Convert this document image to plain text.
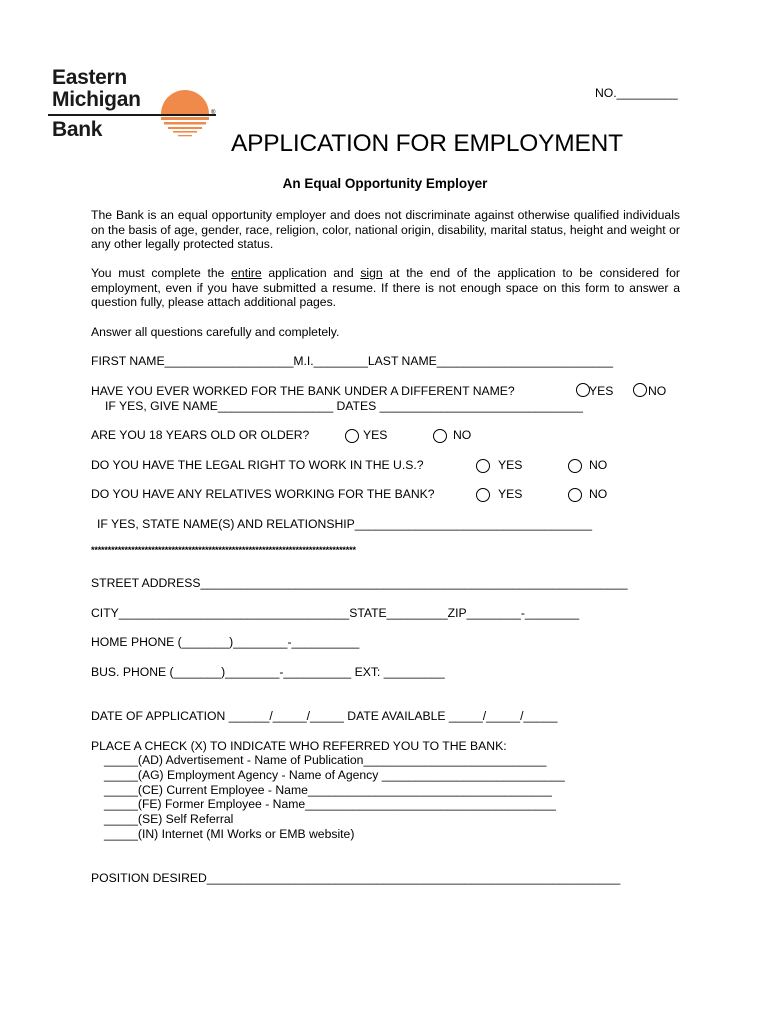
Eastern
Michigan
Bank
®
NO._________
APPLICATION FOR EMPLOYMENT
An Equal Opportunity Employer
The Bank is an equal opportunity employer and does not discriminate against otherwise qualified individuals on the basis of age, gender, race, religion, color, national origin, disability, marital status, height and weight or any other legally protected status.
You must complete the entire application and sign at the end of the application to be considered for employment, even if you have submitted a resume. If there is not enough space on this form to answer a question fully, please attach additional pages.
Answer all questions carefully and completely.
FIRST NAME___________________M.I.________LAST NAME__________________________
HAVE YOU EVER WORKED FOR THE BANK UNDER A DIFFERENT NAME?	YES	NO
IF YES, GIVE NAME_________________ DATES ______________________________
ARE YOU 18 YEARS OLD OR OLDER?	YES	NO
DO YOU HAVE THE LEGAL RIGHT TO WORK IN THE U.S.?	YES	NO
DO YOU HAVE ANY RELATIVES WORKING FOR THE BANK?	YES	NO
IF YES, STATE NAME(S) AND RELATIONSHIP___________________________________
*******************************************************************************
STREET ADDRESS_______________________________________________________________
CITY__________________________________STATE_________ZIP________-________
HOME PHONE (_______)________-__________
BUS. PHONE (_______)________-__________ EXT: _________
DATE OF APPLICATION ______/_____/_____ DATE AVAILABLE _____/_____/_____
PLACE A CHECK (X) TO INDICATE WHO REFERRED YOU TO THE BANK:
_____(AD) Advertisement - Name of Publication___________________________
_____(AG) Employment Agency - Name of Agency ___________________________
_____(CE) Current Employee - Name____________________________________
_____(FE) Former Employee - Name_____________________________________
_____(SE) Self Referral
_____(IN) Internet (MI Works or EMB website)
POSITION DESIRED_____________________________________________________________
